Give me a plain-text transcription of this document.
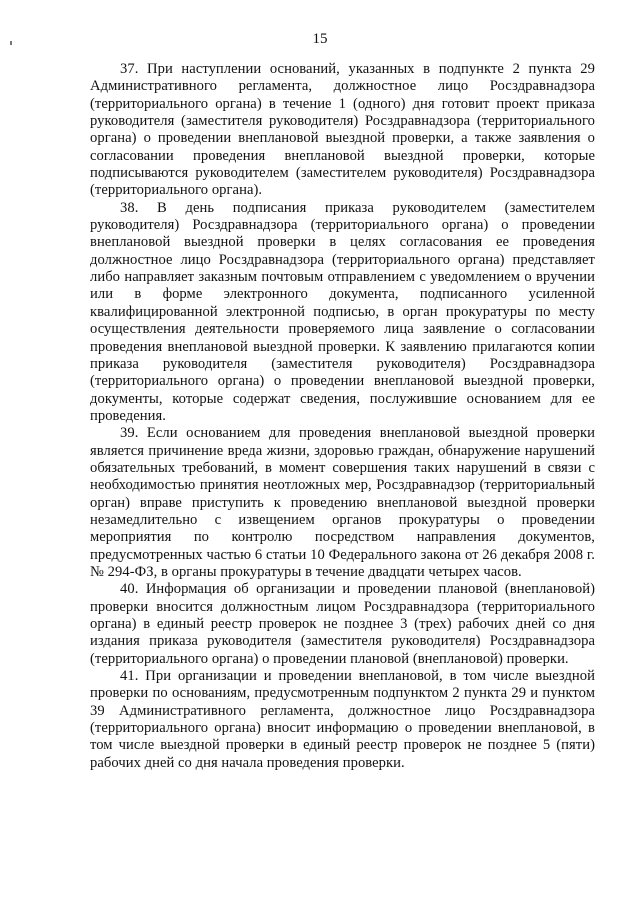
15

37. При наступлении оснований, указанных в подпункте 2 пункта 29 Административного регламента, должностное лицо Росздравнадзора (территориального органа) в течение 1 (одного) дня готовит проект приказа руководителя (заместителя руководителя) Росздравнадзора (территориального органа) о проведении внеплановой выездной проверки, а также заявления о согласовании проведения внеплановой выездной проверки, которые подписываются руководителем (заместителем руководителя) Росздравнадзора (территориального органа).

38. В день подписания приказа руководителем (заместителем руководителя) Росздравнадзора (территориального органа) о проведении внеплановой выездной проверки в целях согласования ее проведения должностное лицо Росздравнадзора (территориального органа) представляет либо направляет заказным почтовым отправлением с уведомлением о вручении или в форме электронного документа, подписанного усиленной квалифицированной электронной подписью, в орган прокуратуры по месту осуществления деятельности проверяемого лица заявление о согласовании проведения внеплановой выездной проверки. К заявлению прилагаются копии приказа руководителя (заместителя руководителя) Росздравнадзора (территориального органа) о проведении внеплановой выездной проверки, документы, которые содержат сведения, послужившие основанием для ее проведения.

39. Если основанием для проведения внеплановой выездной проверки является причинение вреда жизни, здоровью граждан, обнаружение нарушений обязательных требований, в момент совершения таких нарушений в связи с необходимостью принятия неотложных мер, Росздравнадзор (территориальный орган) вправе приступить к проведению внеплановой выездной проверки незамедлительно с извещением органов прокуратуры о проведении мероприятия по контролю посредством направления документов, предусмотренных частью 6 статьи 10 Федерального закона от 26 декабря 2008 г. № 294-ФЗ, в органы прокуратуры в течение двадцати четырех часов.

40. Информация об организации и проведении плановой (внеплановой) проверки вносится должностным лицом Росздравнадзора (территориального органа) в единый реестр проверок не позднее 3 (трех) рабочих дней со дня издания приказа руководителя (заместителя руководителя) Росздравнадзора (территориального органа) о проведении плановой (внеплановой) проверки.

41. При организации и проведении внеплановой, в том числе выездной проверки по основаниям, предусмотренным подпунктом 2 пункта 29 и пунктом 39 Административного регламента, должностное лицо Росздравнадзора (территориального органа) вносит информацию о проведении внеплановой, в том числе выездной проверки в единый реестр проверок не позднее 5 (пяти) рабочих дней со дня начала проведения проверки.
